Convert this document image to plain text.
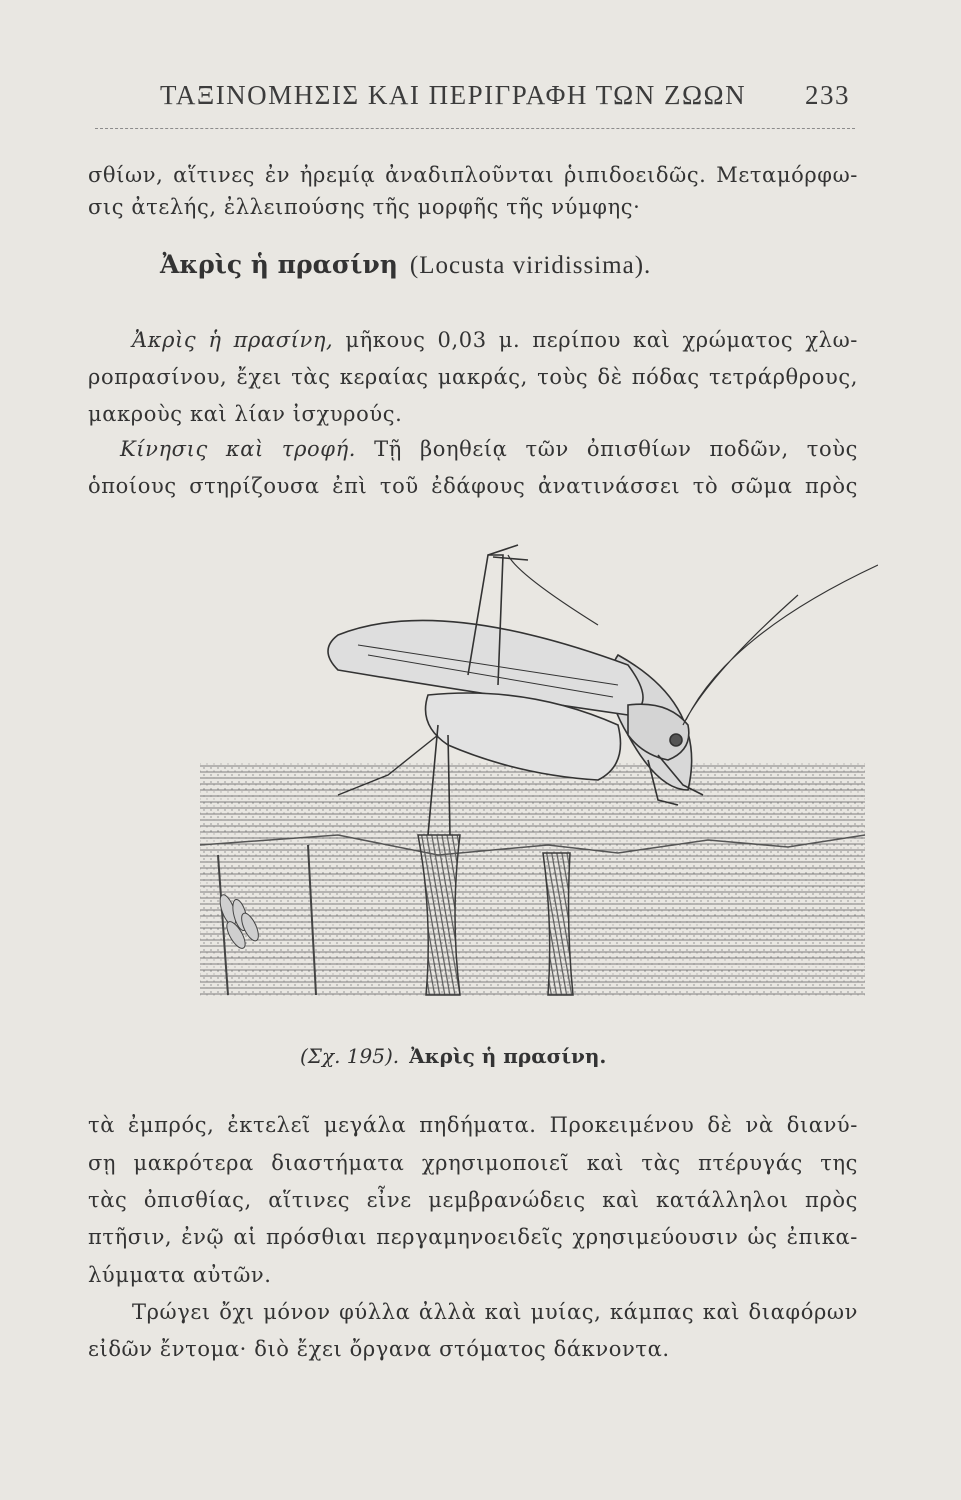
ΤΑΞΙΝΟΜΗΣΙΣ ΚΑΙ ΠΕΡΙΓΡΑΦΗ ΤΩΝ ΖΩΩΝ 233
σθίων, αἵτινες ἐν ἠρεμίᾳ ἀναδιπλοῦνται ῥιπιδοειδῶς. Μεταμόρφω-
σις ἀτελής, ἐλλειπούσης τῆς μορφῆς τῆς νύμφης·
Ἀκρὶς ἡ πρασίνη (Locusta viridissima).
Ἀκρὶς ἡ πρασίνη, μῆκους 0,03 μ. περίπου καὶ χρώματος χλω-
ροπρασίνου, ἔχει τὰς κεραίας μακράς, τοὺς δὲ πόδας τετράρθρους,
μακροὺς καὶ λίαν ἰσχυρούς.
Κίνησις καὶ τροφή. Τῇ βοηθείᾳ τῶν ὀπισθίων ποδῶν, τοὺς
ὁποίους στηρίζουσα ἐπὶ τοῦ ἐδάφους ἀνατινάσσει τὸ σῶμα πρὸς
(Σχ. 195). Ἀκρὶς ἡ πρασίνη.
τὰ ἐμπρός, ἐκτελεῖ μεγάλα πηδήματα. Προκειμένου δὲ νὰ διανύ-
σῃ μακρότερα διαστήματα χρησιμοποιεῖ καὶ τὰς πτέρυγάς της
τὰς ὀπισθίας, αἵτινες εἶνε μεμβρανώδεις καὶ κατάλληλοι πρὸς
πτῆσιν, ἐνῷ αἱ πρόσθιαι περγαμηνοειδεῖς χρησιμεύουσιν ὡς ἐπικα-
λύμματα αὐτῶν.
Τρώγει ὄχι μόνον φύλλα ἀλλὰ καὶ μυίας, κάμπας καὶ διαφόρων
εἰδῶν ἔντομα· διὸ ἔχει ὄργανα στόματος δάκνοντα.
